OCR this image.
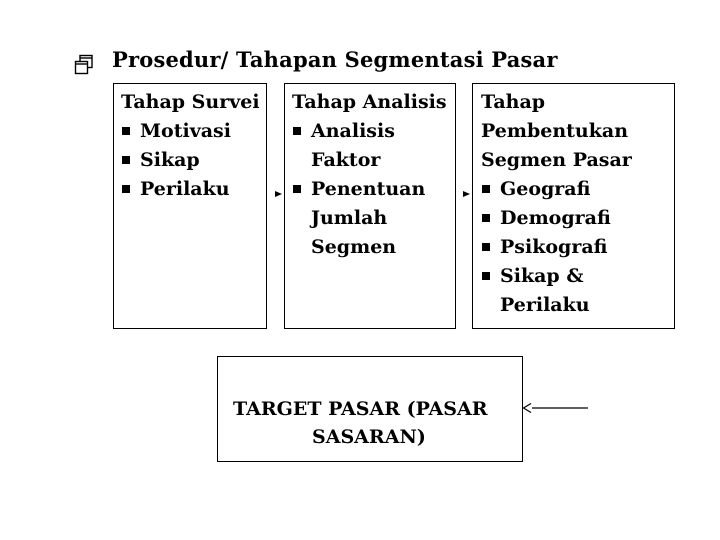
Prosedur/ Tahapan Segmentasi Pasar
Tahap Survei
Motivasi
Sikap
Perilaku
Tahap Analisis
Analisis
Faktor
Penentuan
Jumlah
Segmen
Tahap
Pembentukan
Segmen Pasar
Geografi
Demografi
Psikografi
Sikap &
Perilaku
TARGET PASAR (PASAR
SASARAN)
